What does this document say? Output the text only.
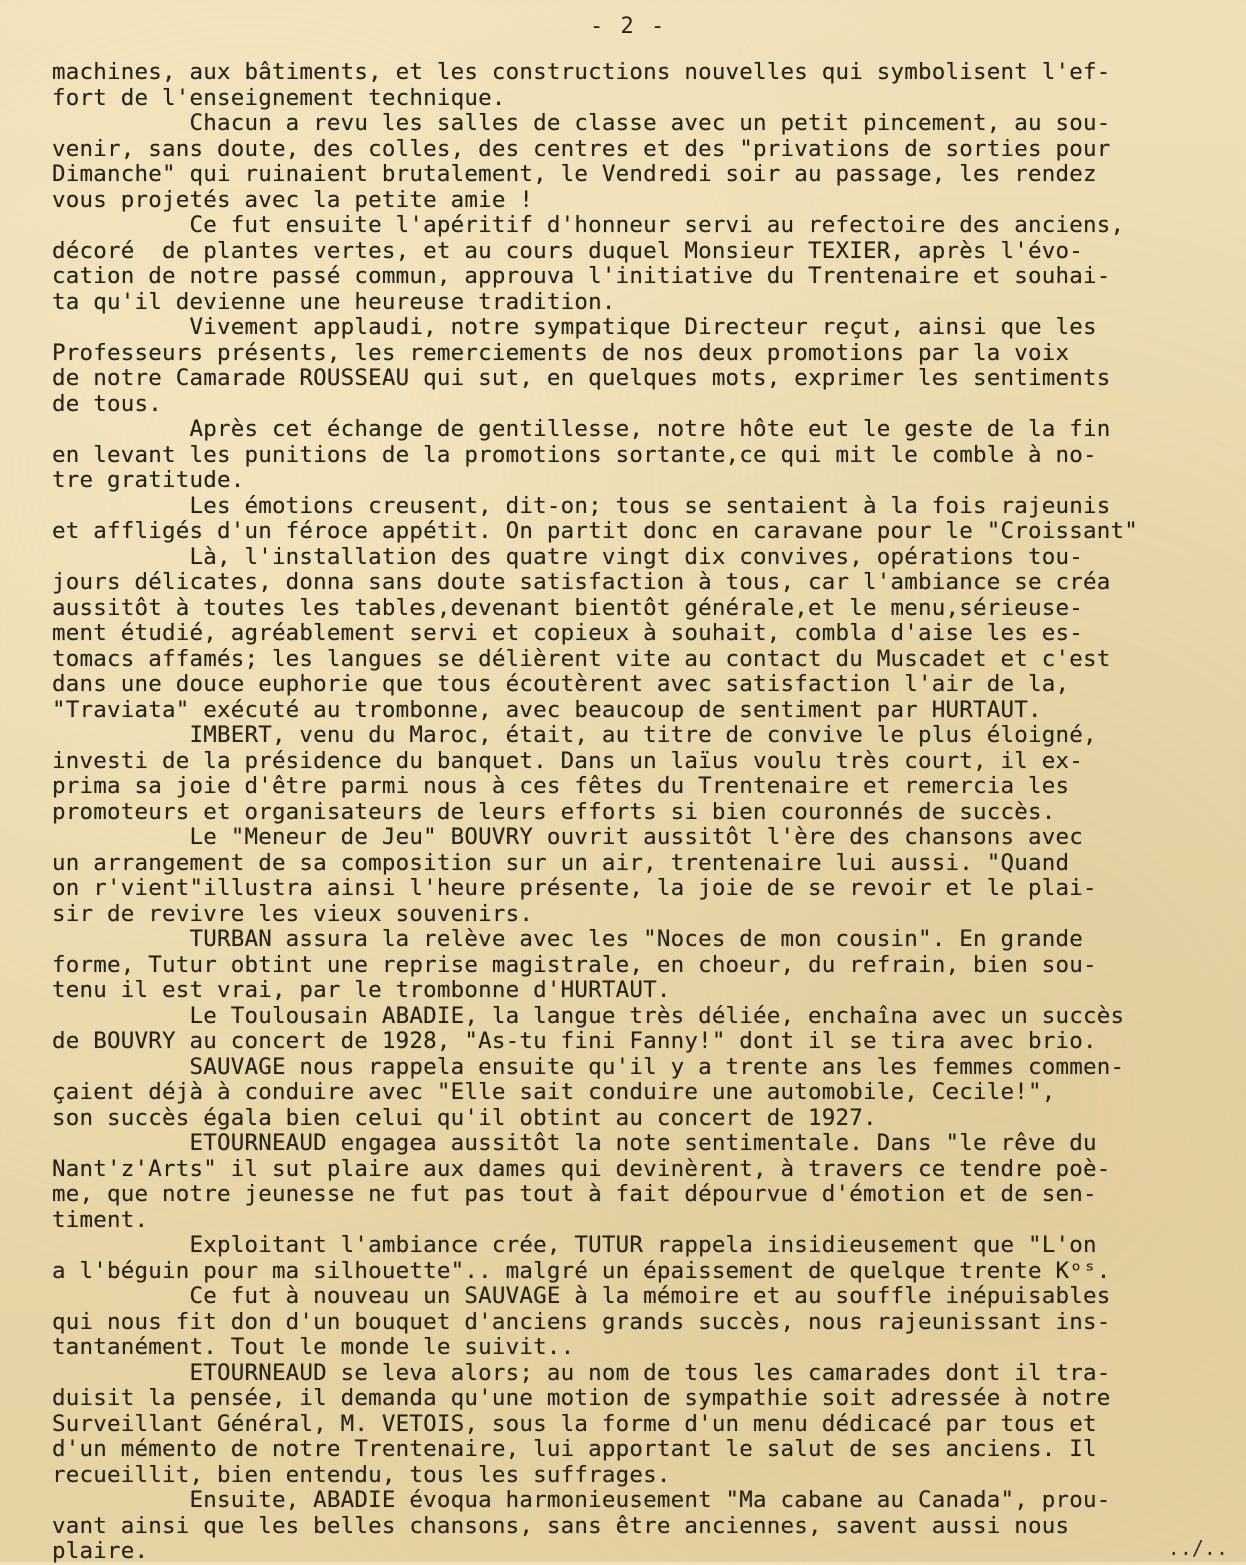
- 2 -
machines, aux bâtiments, et les constructions nouvelles qui symbolisent l'ef-
fort de l'enseignement technique.
Chacun a revu les salles de classe avec un petit pincement, au sou-
venir, sans doute, des colles, des centres et des "privations de sorties pour
Dimanche" qui ruinaient brutalement, le Vendredi soir au passage, les rendez
vous projetés avec la petite amie !
Ce fut ensuite l'apéritif d'honneur servi au refectoire des anciens,
décoré  de plantes vertes, et au cours duquel Monsieur TEXIER, après l'évo-
cation de notre passé commun, approuva l'initiative du Trentenaire et souhai-
ta qu'il devienne une heureuse tradition.
Vivement applaudi, notre sympatique Directeur reçut, ainsi que les
Professeurs présents, les remerciements de nos deux promotions par la voix
de notre Camarade ROUSSEAU qui sut, en quelques mots, exprimer les sentiments
de tous.
Après cet échange de gentillesse, notre hôte eut le geste de la fin
en levant les punitions de la promotions sortante,ce qui mit le comble à no-
tre gratitude.
Les émotions creusent, dit-on; tous se sentaient à la fois rajeunis
et affligés d'un féroce appétit. On partit donc en caravane pour le "Croissant"
Là, l'installation des quatre vingt dix convives, opérations tou-
jours délicates, donna sans doute satisfaction à tous, car l'ambiance se créa
aussitôt à toutes les tables,devenant bientôt générale,et le menu,sérieuse-
ment étudié, agréablement servi et copieux à souhait, combla d'aise les es-
tomacs affamés; les langues se délièrent vite au contact du Muscadet et c'est
dans une douce euphorie que tous écoutèrent avec satisfaction l'air de la,
"Traviata" exécuté au trombonne, avec beaucoup de sentiment par HURTAUT.
IMBERT, venu du Maroc, était, au titre de convive le plus éloigné,
investi de la présidence du banquet. Dans un laïus voulu très court, il ex-
prima sa joie d'être parmi nous à ces fêtes du Trentenaire et remercia les
promoteurs et organisateurs de leurs efforts si bien couronnés de succès.
Le "Meneur de Jeu" BOUVRY ouvrit aussitôt l'ère des chansons avec
un arrangement de sa composition sur un air, trentenaire lui aussi. "Quand
on r'vient"illustra ainsi l'heure présente, la joie de se revoir et le plai-
sir de revivre les vieux souvenirs.
TURBAN assura la relève avec les "Noces de mon cousin". En grande
forme, Tutur obtint une reprise magistrale, en choeur, du refrain, bien sou-
tenu il est vrai, par le trombonne d'HURTAUT.
Le Toulousain ABADIE, la langue très déliée, enchaîna avec un succès
de BOUVRY au concert de 1928, "As-tu fini Fanny!" dont il se tira avec brio.
SAUVAGE nous rappela ensuite qu'il y a trente ans les femmes commen-
çaient déjà à conduire avec "Elle sait conduire une automobile, Cecile!",
son succès égala bien celui qu'il obtint au concert de 1927.
ETOURNEAUD engagea aussitôt la note sentimentale. Dans "le rêve du
Nant'z'Arts" il sut plaire aux dames qui devinèrent, à travers ce tendre poè-
me, que notre jeunesse ne fut pas tout à fait dépourvue d'émotion et de sen-
timent.
Exploitant l'ambiance crée, TUTUR rappela insidieusement que "L'on
a l'béguin pour ma silhouette".. malgré un épaissement de quelque trente Kᵒˢ.
Ce fut à nouveau un SAUVAGE à la mémoire et au souffle inépuisables
qui nous fit don d'un bouquet d'anciens grands succès, nous rajeunissant ins-
tantanément. Tout le monde le suivit..
ETOURNEAUD se leva alors; au nom de tous les camarades dont il tra-
duisit la pensée, il demanda qu'une motion de sympathie soit adressée à notre
Surveillant Général, M. VETOIS, sous la forme d'un menu dédicacé par tous et
d'un mémento de notre Trentenaire, lui apportant le salut de ses anciens. Il
recueillit, bien entendu, tous les suffrages.
Ensuite, ABADIE évoqua harmonieusement "Ma cabane au Canada", prou-
vant ainsi que les belles chansons, sans être anciennes, savent aussi nous
plaire.	../..
